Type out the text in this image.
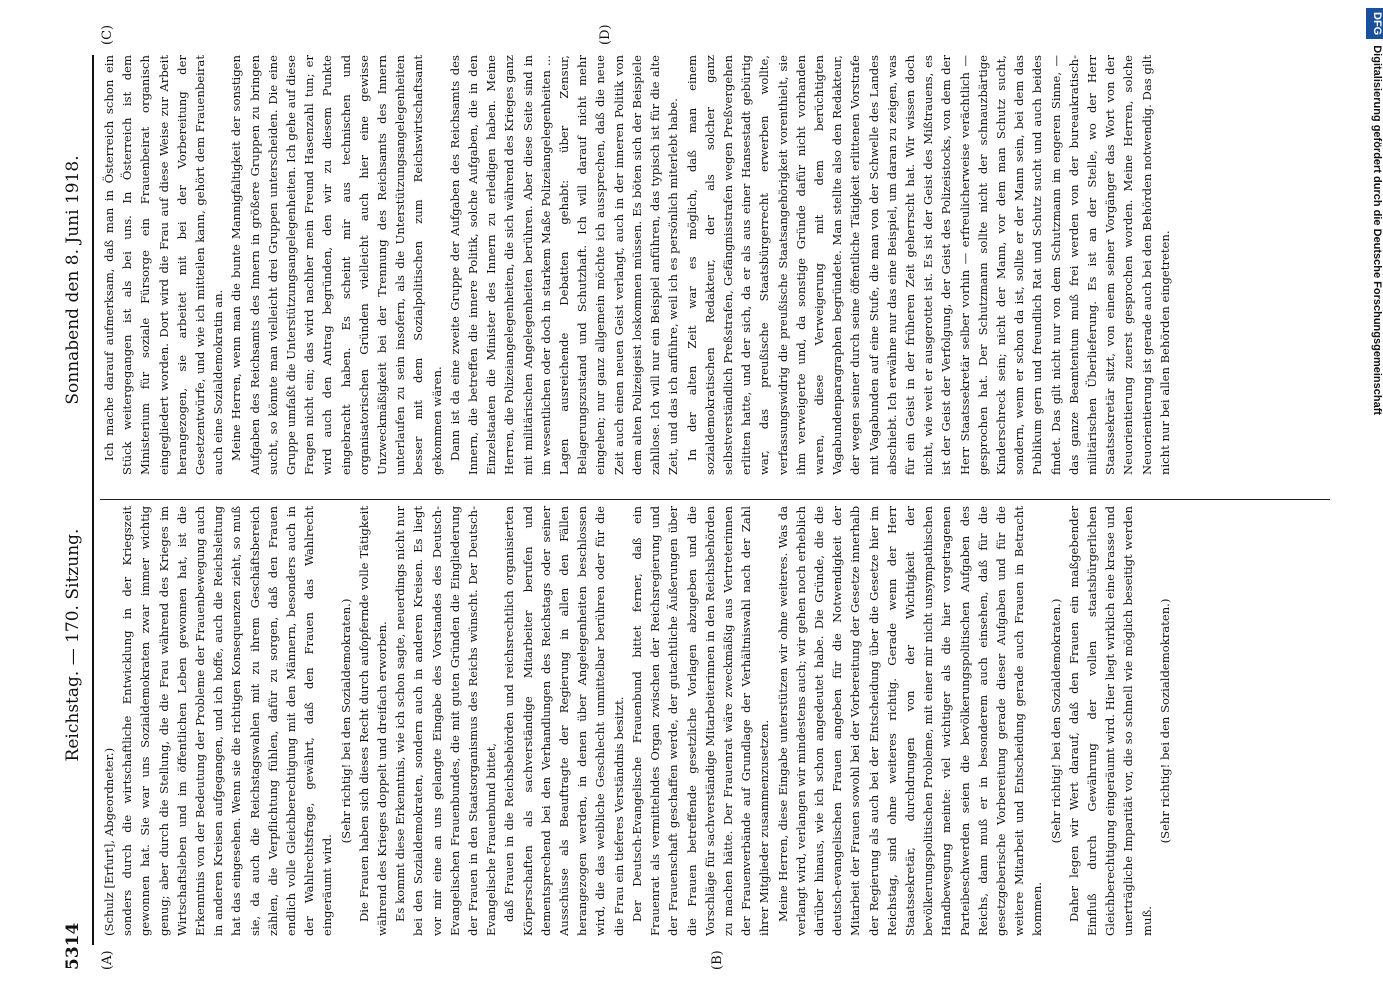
5314
Reichstag. — 170. Sitzung.
Sonnabend den 8. Juni 1918.
(A)	(B)
(C)	(D)

(Schulz [Erfurt], Abgeordneter.) sonders durch die wirtschaftliche Entwicklung in der Kriegszeit gewonnen hat. Sie war uns Sozialdemokraten zwar immer wichtig genug; aber durch die Stellung, die die Frau während des Krieges im Wirtschaftsleben und im öffentlichen Leben gewonnen hat, ist die Erkenntnis von der Bedeutung der Probleme der Frauenbewegung auch in anderen Kreisen aufgegangen, und ich hoffe, auch die Reichsleitung hat das eingesehen. Wenn sie die richtigen Konsequenzen zieht, so muß sie, da auch die Reichstagswahlen mit zu ihrem Geschäftsbereich zählen, die Verpflichtung fühlen, dafür zu sorgen, daß den Frauen endlich volle Gleichberechtigung mit den Männern, besonders auch in der Wahlrechtsfrage, gewährt, daß den Frauen das Wahlrecht eingeräumt wird.

(Sehr richtig! bei den Sozialdemokraten.) Die Frauen haben sich dieses Recht durch aufopfernde volle Tätigkeit während des Krieges doppelt und dreifach erworben. Es kommt diese Erkenntnis, wie ich schon sagte, neuerdings nicht nur bei den Sozialdemokraten, sondern auch in anderen Kreisen. Es liegt vor mir eine an uns gelangte Eingabe des Vorstandes des Deutsch-Evangelischen Frauenbundes, die mit guten Gründen die Eingliederung der Frauen in den Staatsorganismus des Reichs wünscht. Der Deutsch-Evangelische Frauenbund bittet, daß Frauen in die Reichsbehörden und reichsrechtlich organisierten Körperschaften als sachverständige Mitarbeiter berufen und dementsprechend bei den Verhandlungen des Reichstags oder seiner Ausschüsse als Beauftragte der Regierung in allen den Fällen herangezogen werden, in denen über Angelegenheiten beschlossen wird, die das weibliche Geschlecht unmittelbar berühren oder für die die Frau ein tieferes Verständnis besitzt. Der Deutsch-Evangelische Frauenbund bittet ferner, daß ein Frauenrat als vermittelndes Organ zwischen der Reichsregierung und der Frauenschaft geschaffen werde, der gutachtliche Äußerungen über die Frauen betreffende gesetzliche Vorlagen abzugeben und die Vorschläge für sachverständige Mitarbeiterinnen in den Reichsbehörden zu machen hätte. Der Frauenrat wäre zweckmäßig aus Vertreterinnen der Frauenverbände auf Grundlage der Verhältniswahl nach der Zahl ihrer Mitglieder zusammenzusetzen. Meine Herren, diese Eingabe unterstützen wir ohne weiteres. Was da verlangt wird, verlangen wir mindestens auch; wir gehen noch erheblich darüber hinaus, wie ich schon angedeutet habe. Die Gründe, die die deutsch-evangelischen Frauen angeben für die Notwendigkeit der Mitarbeit der Frauen sowohl bei der Vorbereitung der Gesetze innerhalb der Regierung als auch bei der Entscheidung über die Gesetze hier im Reichstag, sind ohne weiteres richtig. Gerade wenn der Herr Staatssekretär, durchdrungen von der Wichtigkeit der bevölkerungspolitischen Probleme, mit einer mir nicht unsympathischen Handbewegung meinte: viel wichtiger als die hier vorgetragenen Parteibeschwerden seien die bevölkerungspolitischen Aufgaben des Reichs, dann muß er in besonderem auch einsehen, daß für die gesetzgeberische Vorbereitung gerade dieser Aufgaben und für die weitere Mitarbeit und Entscheidung gerade auch Frauen in Betracht kommen.

(Sehr richtig! bei den Sozialdemokraten.) Daher legen wir Wert darauf, daß den Frauen ein maßgebender Einfluß durch Gewährung der vollen staatsbürgerlichen Gleichberechtigung eingeräumt wird. Hier liegt wirklich eine krasse und unerträgliche Imparität vor, die so schnell wie möglich beseitigt werden muß.

(Sehr richtig! bei den Sozialdemokraten.)

Ich mache darauf aufmerksam, daß man in Österreich schon ein Stück weitergegangen ist als bei uns. In Österreich ist dem Ministerium für soziale Fürsorge ein Frauenbeirat organisch eingegliedert worden. Dort wird die Frau auf diese Weise zur Arbeit herangezogen, sie arbeitet mit bei der Vorbereitung der Gesetzentwürfe, und wie ich mitteilen kann, gehört dem Frauenbeirat auch eine Sozialdemokratin an. Meine Herren, wenn man die bunte Mannigfaltigkeit der sonstigen Aufgaben des Reichsamts des Innern in größere Gruppen zu bringen sucht, so könnte man vielleicht drei Gruppen unterscheiden. Die eine Gruppe umfaßt die Unterstützungsangelegenheiten. Ich gehe auf diese Fragen nicht ein; das wird nachher mein Freund Hasenzahl tun; er wird auch den Antrag begründen, den wir zu diesem Punkte eingebracht haben. Es scheint mir aus technischen und organisatorischen Gründen vielleicht auch hier eine gewisse Unzweckmäßigkeit bei der Trennung des Reichsamts des Innern unterlaufen zu sein insofern, als die Unterstützungsangelegenheiten besser mit dem Sozialpolitischen zum Reichswirtschaftsamt gekommen wären. Dann ist da eine zweite Gruppe der Aufgaben des Reichsamts des Innern, die betreffen die innere Politik, solche Aufgaben, die in den Einzelstaaten die Minister des Innern zu erledigen haben. Meine Herren, die Polizeiangelegenheiten, die sich während des Krieges ganz mit militärischen Angelegenheiten berühren. Aber diese Seite sind in im wesentlichen oder doch in starkem Maße Polizeiangelegenheiten ... Lagen ausreichende Debatten gehabt: über Zensur, Belagerungszustand und Schutzhaft. Ich will darauf nicht mehr eingehen; nur ganz allgemein möchte ich aussprechen, daß die neue Zeit auch einen neuen Geist verlangt, auch in der inneren Politik von dem alten Polizeigeist loskommen müssen. Es böten sich der Beispiele zahllose. Ich will nur ein Beispiel anführen, das typisch ist für die alte Zeit, und das ich anführe, weil ich es persönlich miterlebt habe. In der alten Zeit war es möglich, daß man einem sozialdemokratischen Redakteur, der als solcher ganz selbstverständlich Preßstrafen, Gefängnisstrafen wegen Preßvergehen erlitten hatte, und der sich, da er als aus einer Hansestadt gebürtig war, das preußische Staatsbürgerrecht erwerben wollte, verfassungswidrig die preußische Staatsangehörigkeit vorenthielt, sie ihm verweigerte und, da sonstige Gründe dafür nicht vorhanden waren, diese Verweigerung mit dem berüchtigten Vagabundenparagraphen begründete. Man stellte also den Redakteur, der wegen seiner durch seine öffentliche Tätigkeit erlittenen Vorstrafe mit Vagabunden auf eine Stufe, die man von der Schwelle des Landes abschiebt. Ich erwähne nur das eine Beispiel, um daran zu zeigen, was für ein Geist in der früheren Zeit geherrscht hat. Wir wissen doch nicht, wie weit er ausgerottet ist. Es ist der Geist des Mißtrauens, es ist der Geist der Verfolgung, der Geist des Polizeistocks, von dem der Herr Staatssekretär selber vorhin — erfreulicherweise verächtlich — gesprochen hat. Der Schutzmann sollte nicht der schnauzbärtige Kinderschreck sein; nicht der Mann, vor dem man Schutz sucht, sondern, wenn er schon da ist, sollte er der Mann sein, bei dem das Publikum gern und freundlich Rat und Schutz sucht und auch beides findet. Das gilt nicht nur von dem Schutzmann im engeren Sinne, — das ganze Beamtentum muß frei werden von der bureaukratisch-militärischen Überlieferung. Es ist an der Stelle, wo der Herr Staatssekretär sitzt, von einem seiner Vorgänger das Wort von der Neuorientierung zuerst gesprochen worden. Meine Herren, solche Neuorientierung ist gerade auch bei den Behörden notwendig. Das gilt nicht nur bei allen Behörden eingetreten.

DFGDigitalisierung gefördert durch die Deutsche Forschungsgemeinschaft
